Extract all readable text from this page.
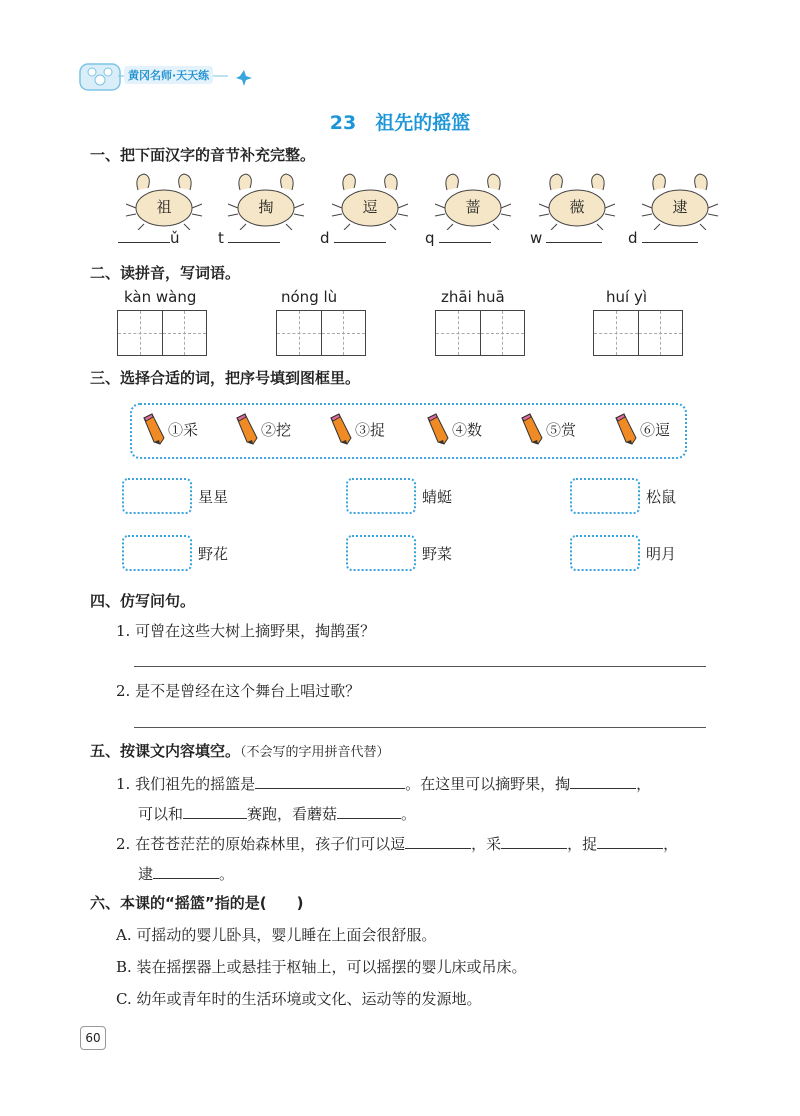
黄冈名师·天天练
23　祖先的摇篮
一、把下面汉字的音节补充完整。
祖	掏	逗	蔷	薇	逮
ǔ	t	d	q	w	d
二、读拼音，写词语。
kàn wàng	nóng lù	zhāi huā	huí yì
三、选择合适的词，把序号填到图框里。
①采	②挖	③捉	④数	⑤赏	⑥逗
星星	蜻蜓	松鼠
野花	野菜	明月
四、仿写问句。
1. 可曾在这些大树上摘野果，掏鹊蛋？
2. 是不是曾经在这个舞台上唱过歌？
五、按课文内容填空。（不会写的字用拼音代替）
1. 我们祖先的摇篮是	。在这里可以摘野果，掏	，
可以和	赛跑，看蘑菇	。
2. 在苍苍茫茫的原始森林里，孩子们可以逗	，采	，捉	，
逮	。
六、本课的“摇篮”指的是(　　)
A. 可摇动的婴儿卧具，婴儿睡在上面会很舒服。
B. 装在摇摆器上或悬挂于枢轴上，可以摇摆的婴儿床或吊床。
C. 幼年或青年时的生活环境或文化、运动等的发源地。
60
